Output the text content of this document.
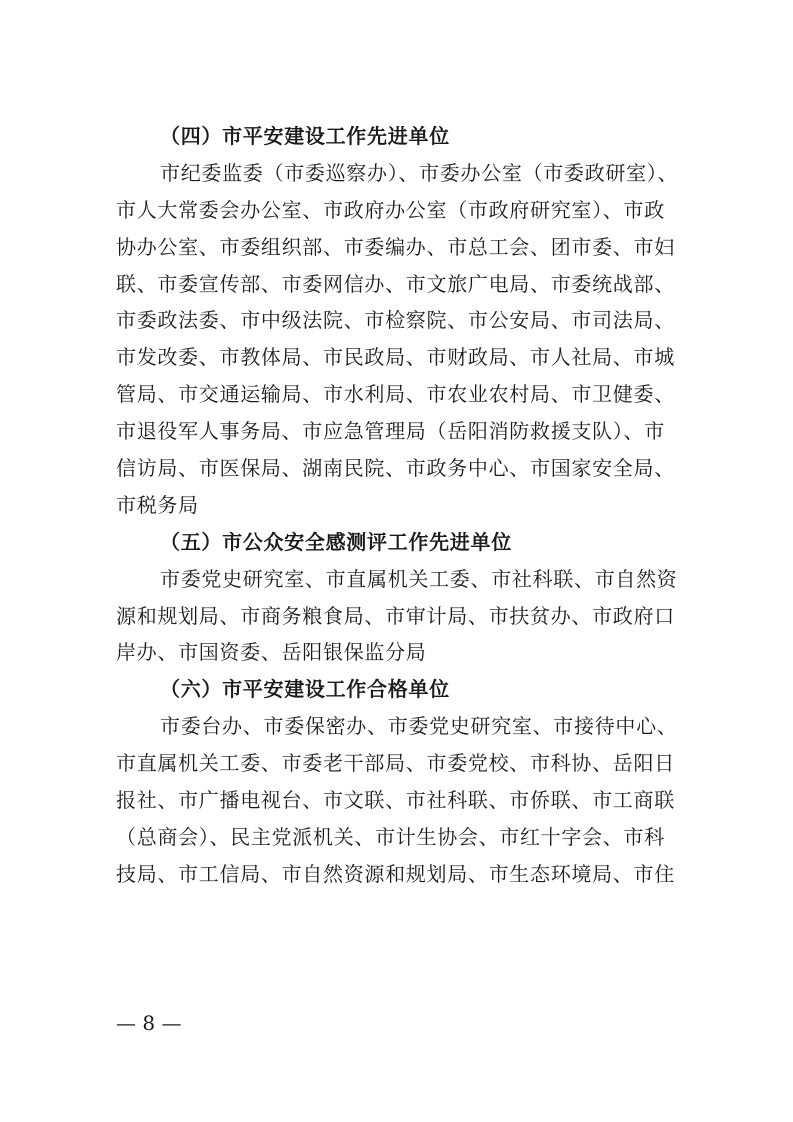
（四）市平安建设工作先进单位
市纪委监委（市委巡察办）、市委办公室（市委政研室）、
市人大常委会办公室、市政府办公室（市政府研究室）、市政
协办公室、市委组织部、市委编办、市总工会、团市委、市妇
联、市委宣传部、市委网信办、市文旅广电局、市委统战部、
市委政法委、市中级法院、市检察院、市公安局、市司法局、
市发改委、市教体局、市民政局、市财政局、市人社局、市城
管局、市交通运输局、市水利局、市农业农村局、市卫健委、
市退役军人事务局、市应急管理局（岳阳消防救援支队）、市
信访局、市医保局、湖南民院、市政务中心、市国家安全局、
市税务局
（五）市公众安全感测评工作先进单位
市委党史研究室、市直属机关工委、市社科联、市自然资
源和规划局、市商务粮食局、市审计局、市扶贫办、市政府口
岸办、市国资委、岳阳银保监分局
（六）市平安建设工作合格单位
市委台办、市委保密办、市委党史研究室、市接待中心、
市直属机关工委、市委老干部局、市委党校、市科协、岳阳日
报社、市广播电视台、市文联、市社科联、市侨联、市工商联
（总商会）、民主党派机关、市计生协会、市红十字会、市科
技局、市工信局、市自然资源和规划局、市生态环境局、市住
— 8 —
